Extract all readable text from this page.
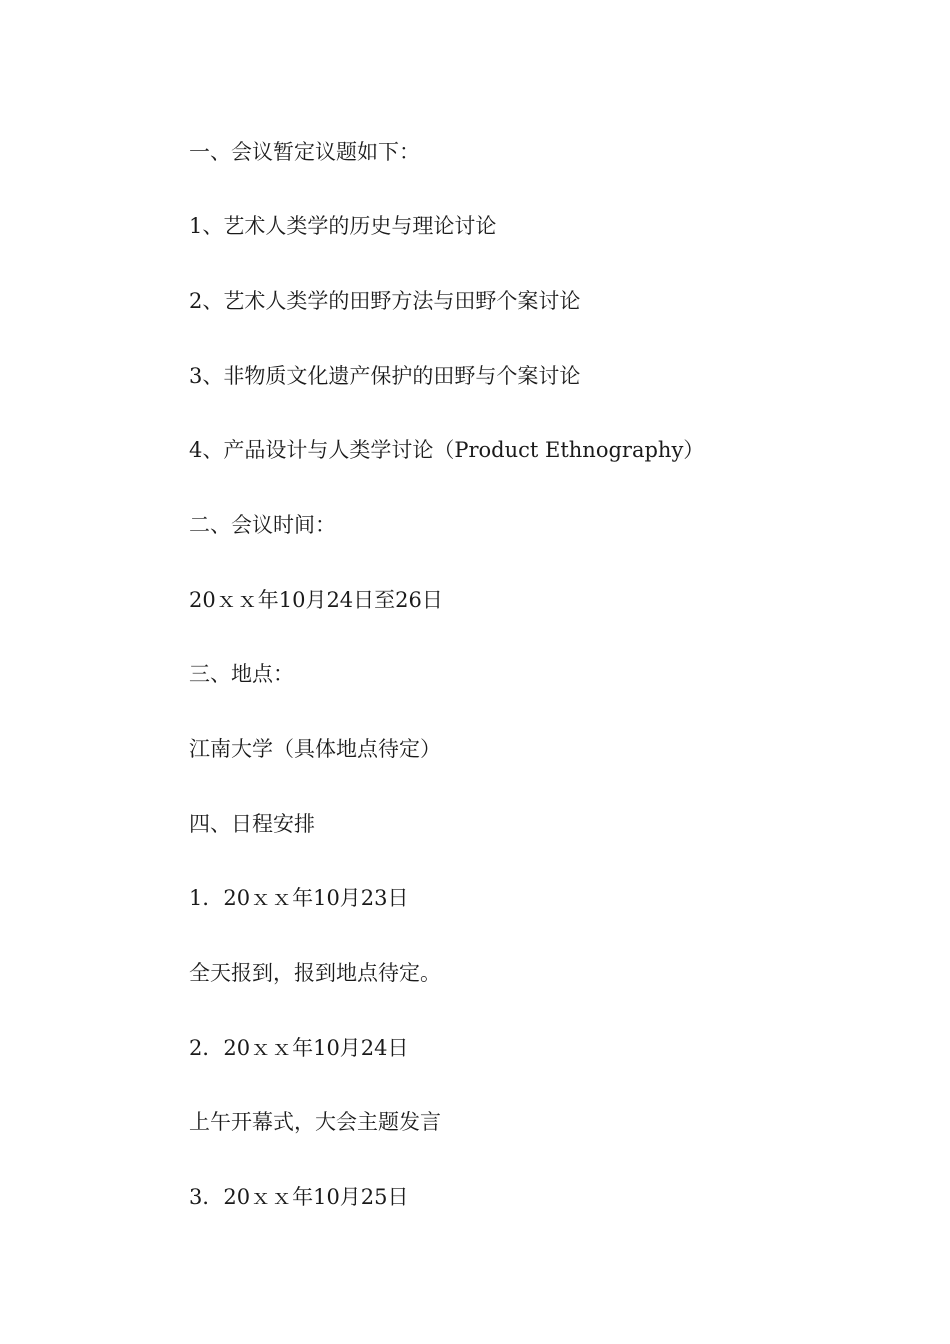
一、会议暂定议题如下：

1、艺术人类学的历史与理论讨论

2、艺术人类学的田野方法与田野个案讨论

3、非物质文化遗产保护的田野与个案讨论

4、产品设计与人类学讨论（Product Ethnography）

二、会议时间：

20ｘｘ年10月24日至26日

三、地点：

江南大学（具体地点待定）

四、日程安排

1．20ｘｘ年10月23日

全天报到，报到地点待定。

2．20ｘｘ年10月24日

上午开幕式，大会主题发言

3．20ｘｘ年10月25日
